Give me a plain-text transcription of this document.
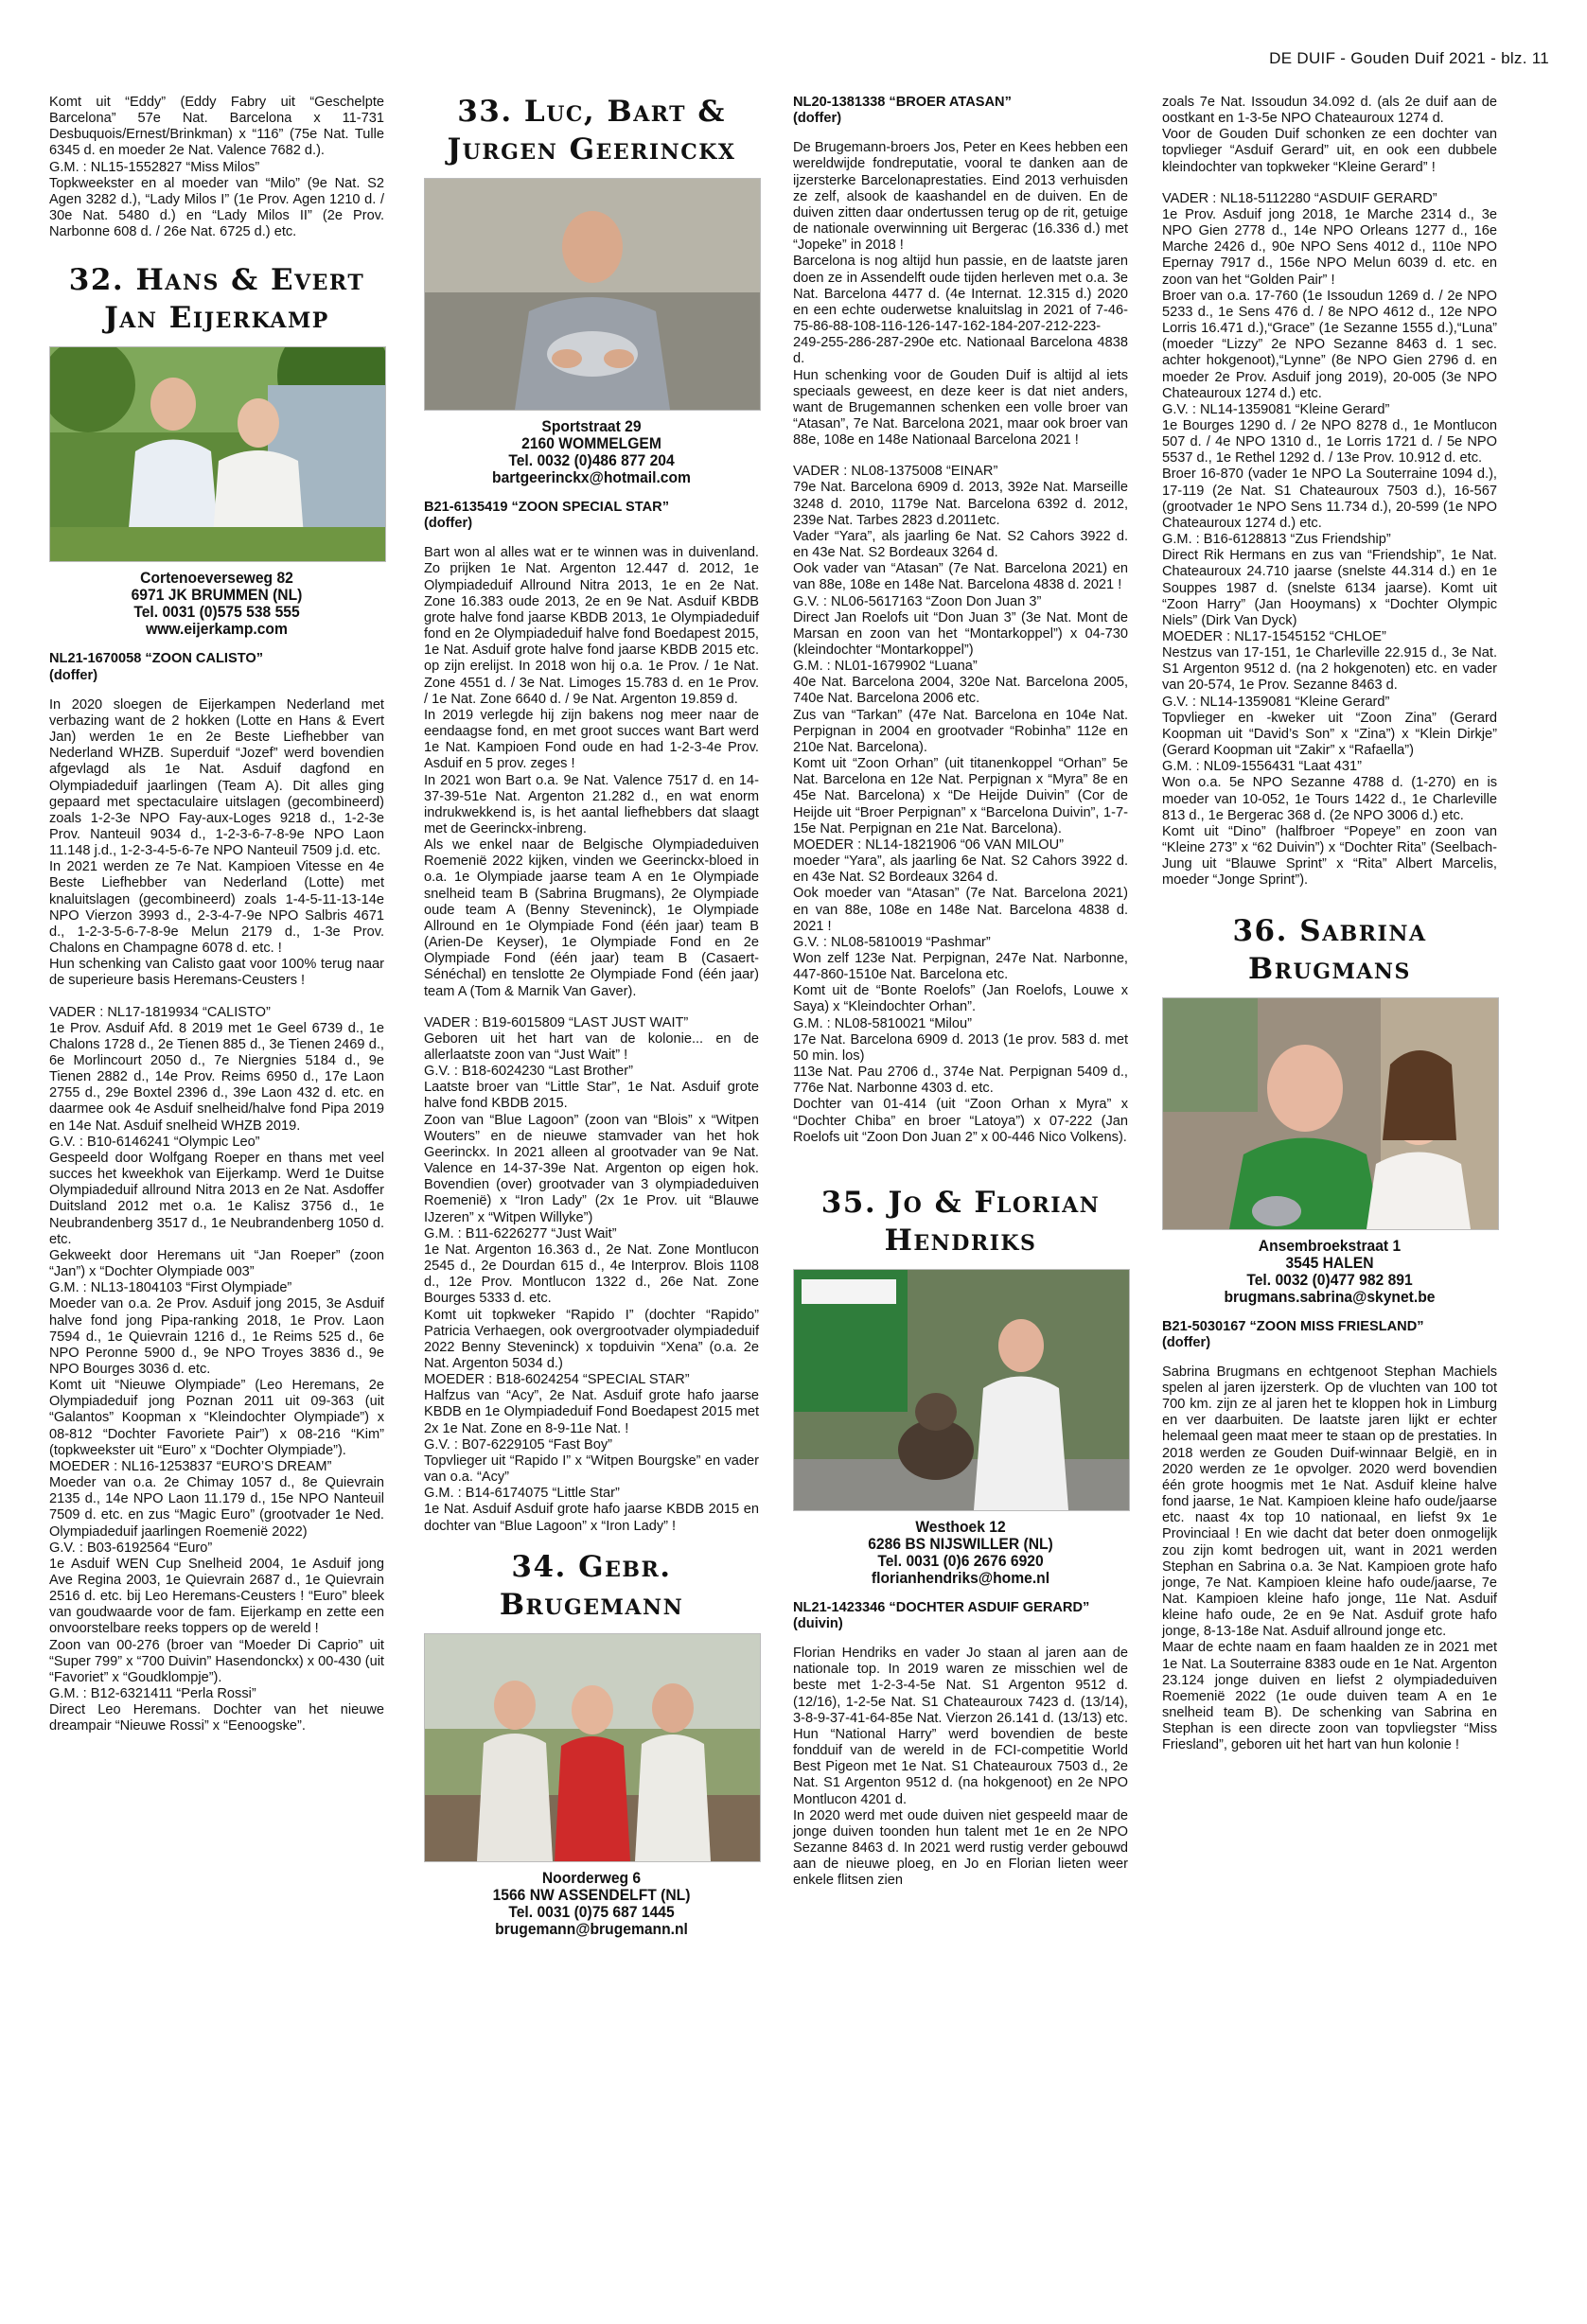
DE DUIF - Gouden Duif 2021 - blz. 11

Komt uit “Eddy” (Eddy Fabry uit “Geschelpte Barcelona” 57e Nat. Barcelona x 11-731 Desbuquois/Ernest/Brinkman) x “116” (75e Nat. Tulle 6345 d. en moeder 2e Nat. Valence 7682 d.).
G.M. : NL15-1552827 “Miss Milos”
Topkweekster en al moeder van “Milo” (9e Nat. S2 Agen 3282 d.), “Lady Milos I” (1e Prov. Agen 1210 d. / 30e Nat. 5480 d.) en “Lady Milos II” (2e Prov. Narbonne 608 d. / 26e Nat. 6725 d.) etc.

32. Hans & Evert Jan Eijerkamp
Cortenoeverseweg 82
6971 JK BRUMMEN (NL)
Tel. 0031 (0)575 538 555
www.eijerkamp.com
NL21-1670058 “ZOON CALISTO”
(doffer)

In 2020 sloegen de Eijerkampen Nederland met verbazing want de 2 hokken (Lotte en Hans & Evert Jan) werden 1e en 2e Beste Liefhebber van Nederland WHZB. Superduif “Jozef” werd bovendien afgevlagd als 1e Nat. Asduif dagfond en Olympiadeduif jaarlingen (Team A). Dit alles ging gepaard met spectaculaire uitslagen (gecombineerd) zoals 1-2-3e NPO Fay-aux-Loges 9218 d., 1-2-3e Prov. Nanteuil 9034 d., 1-2-3-6-7-8-9e NPO Laon 11.148 j.d., 1-2-3-4-5-6-7e NPO Nanteuil 7509 j.d. etc.
In 2021 werden ze 7e Nat. Kampioen Vitesse en 4e Beste Liefhebber van Nederland (Lotte) met knaluitslagen (gecombineerd) zoals 1-4-5-11-13-14e NPO Vierzon 3993 d., 2-3-4-7-9e NPO Salbris 4671 d., 1-2-3-5-6-7-8-9e Melun 2179 d., 1-3e Prov. Chalons en Champagne 6078 d. etc. !
Hun schenking van Calisto gaat voor 100% terug naar de superieure basis Heremans-Ceusters !

VADER : NL17-1819934 “CALISTO”
1e Prov. Asduif Afd. 8 2019 met 1e Geel 6739 d., 1e Chalons 1728 d., 2e Tienen 885 d., 3e Tienen 2469 d., 6e Morlincourt 2050 d., 7e Niergnies 5184 d., 9e Tienen 2882 d., 14e Prov. Reims 6950 d., 17e Laon 2755 d., 29e Boxtel 2396 d., 39e Laon 432 d. etc. en daarmee ook 4e Asduif snelheid/halve fond Pipa 2019 en 14e Nat. Asduif snelheid WHZB 2019.
G.V. : B10-6146241 “Olympic Leo”
Gespeeld door Wolfgang Roeper en thans met veel succes het kweekhok van Eijerkamp. Werd 1e Duitse Olympiadeduif allround Nitra 2013 en 2e Nat. Asdoffer Duitsland 2012 met o.a. 1e Kalisz 3756 d., 1e Neubrandenberg 3517 d., 1e Neubrandenberg 1050 d. etc.
Gekweekt door Heremans uit “Jan Roeper” (zoon “Jan”) x “Dochter Olympiade 003”
G.M. : NL13-1804103 “First Olympiade”
Moeder van o.a. 2e Prov. Asduif jong 2015, 3e Asduif halve fond jong Pipa-ranking 2018, 1e Prov. Laon 7594 d., 1e Quievrain 1216 d., 1e Reims 525 d., 6e NPO Peronne 5900 d., 9e NPO Troyes 3836 d., 9e NPO Bourges 3036 d. etc.
Komt uit “Nieuwe Olympiade” (Leo Heremans, 2e Olympiadeduif jong Poznan 2011 uit 09-363 (uit “Galantos” Koopman x “Kleindochter Olympiade”) x 08-812 “Dochter Favoriete Pair”) x 08-216 “Kim” (topkweekster uit “Euro” x “Dochter Olympiade”).
MOEDER : NL16-1253837 “EURO’S DREAM”
Moeder van o.a. 2e Chimay 1057 d., 8e Quievrain 2135 d., 14e NPO Laon 11.179 d., 15e NPO Nanteuil 7509 d. etc. en zus “Magic Euro” (grootvader 1e Ned. Olympiadeduif jaarlingen Roemenië 2022)
G.V. : B03-6192564 “Euro”
1e Asduif WEN Cup Snelheid 2004, 1e Asduif jong Ave Regina 2003, 1e Quievrain 2687 d., 1e Quievrain 2516 d. etc. bij Leo Heremans-Ceusters ! “Euro” bleek van goudwaarde voor de fam. Eijerkamp en zette een onvoorstelbare reeks toppers op de wereld !
Zoon van 00-276 (broer van “Moeder Di Caprio” uit “Super 799” x “700 Duivin” Hasendonckx) x 00-430 (uit “Favoriet” x “Goudklompje”).
G.M. : B12-6321411 “Perla Rossi”
Direct Leo Heremans. Dochter van het nieuwe dreampair “Nieuwe Rossi” x “Eenoogske”.

33. Luc, Bart & Jurgen Geerinckx
Sportstraat 29
2160 WOMMELGEM
Tel. 0032 (0)486 877 204
bartgeerinckx@hotmail.com
B21-6135419 “ZOON SPECIAL STAR”
(doffer)

Bart won al alles wat er te winnen was in duivenland. Zo prijken 1e Nat. Argenton 12.447 d. 2012, 1e Olympiadeduif Allround Nitra 2013, 1e en 2e Nat. Zone 16.383 oude 2013, 2e en 9e Nat. Asduif KBDB grote halve fond jaarse KBDB 2013, 1e Olympiadeduif fond en 2e Olympiadeduif halve fond Boedapest 2015, 1e Nat. Asduif grote halve fond jaarse KBDB 2015 etc. op zijn erelijst. In 2018 won hij o.a. 1e Prov. / 1e Nat. Zone 4551 d. / 3e Nat. Limoges 15.783 d. en 1e Prov. / 1e Nat. Zone 6640 d. / 9e Nat. Argenton 19.859 d.
In 2019 verlegde hij zijn bakens nog meer naar de eendaagse fond, en met groot succes want Bart werd 1e Nat. Kampioen Fond oude en had 1-2-3-4e Prov. Asduif en 5 prov. zeges !
In 2021 won Bart o.a. 9e Nat. Valence 7517 d. en 14-37-39-51e Nat. Argenton 21.282 d., en wat enorm indrukwekkend is, is het aantal liefhebbers dat slaagt met de Geerinckx-inbreng.
Als we enkel naar de Belgische Olympiadeduiven Roemenië 2022 kijken, vinden we Geerinckx-bloed in o.a. 1e Olympiade jaarse team A en 1e Olympiade snelheid team B (Sabrina Brugmans), 2e Olympiade oude team A (Benny Steveninck), 1e Olympiade Allround en 1e Olympiade Fond (één jaar) team B (Arien-De Keyser), 1e Olympiade Fond en 2e Olympiade Fond (één jaar) team B (Casaert-Sénéchal) en tenslotte 2e Olympiade Fond (één jaar) team A (Tom & Marnik Van Gaver).

VADER : B19-6015809 “LAST JUST WAIT”
Geboren uit het hart van de kolonie... en de allerlaatste zoon van “Just Wait” !
G.V. : B18-6024230 “Last Brother”
Laatste broer van “Little Star”, 1e Nat. Asduif grote halve fond KBDB 2015.
Zoon van “Blue Lagoon” (zoon van “Blois” x “Witpen Wouters” en de nieuwe stamvader van het hok Geerinckx. In 2021 alleen al grootvader van 9e Nat. Valence en 14-37-39e Nat. Argenton op eigen hok. Bovendien (over) grootvader van 3 olympiadeduiven Roemenië) x “Iron Lady” (2x 1e Prov. uit “Blauwe IJzeren” x “Witpen Willyke”)
G.M. : B11-6226277 “Just Wait”
1e Nat. Argenton 16.363 d., 2e Nat. Zone Montlucon 2545 d., 2e Dourdan 615 d., 4e Interprov. Blois 1108 d., 12e Prov. Montlucon 1322 d., 26e Nat. Zone Bourges 5333 d. etc.
Komt uit topkweker “Rapido I” (dochter “Rapido” Patricia Verhaegen, ook overgrootvader olympiadeduif 2022 Benny Steveninck) x topduivin “Xena” (o.a. 2e Nat. Argenton 5034 d.)
MOEDER : B18-6024254 “SPECIAL STAR”
Halfzus van “Acy”, 2e Nat. Asduif grote hafo jaarse KBDB en 1e Olympiadeduif Fond Boedapest 2015 met 2x 1e Nat. Zone en 8-9-11e Nat. !
G.V. : B07-6229105 “Fast Boy”
Topvlieger uit “Rapido I” x “Witpen Bourgske” en vader van o.a. “Acy”
G.M. : B14-6174075 “Little Star”
1e Nat. Asduif Asduif grote hafo jaarse KBDB 2015 en dochter van “Blue Lagoon” x “Iron Lady” !

34. Gebr. Brugemann
Noorderweg 6
1566 NW ASSENDELFT (NL)
Tel. 0031 (0)75 687 1445
brugemann@brugemann.nl
NL20-1381338 “BROER ATASAN”
(doffer)

De Brugemann-broers Jos, Peter en Kees hebben een wereldwijde fondreputatie, vooral te danken aan de ijzersterke Barcelonaprestaties. Eind 2013 verhuisden ze zelf, alsook de kaashandel en de duiven. En de duiven zitten daar ondertussen terug op de rit, getuige de nationale overwinning uit Bergerac (16.336 d.) met “Jopeke” in 2018 !
Barcelona is nog altijd hun passie, en de laatste jaren doen ze in Assendelft oude tijden herleven met o.a. 3e Nat. Barcelona 4477 d. (4e Internat. 12.315 d.) 2020 en een echte ouderwetse knaluitslag in 2021 of 7-46-75-86-88-108-116-126-147-162-184-207-212-223-249-255-286-287-290e etc. Nationaal Barcelona 4838 d.
Hun schenking voor de Gouden Duif is altijd al iets speciaals geweest, en deze keer is dat niet anders, want de Brugemannen schenken een volle broer van “Atasan”, 7e Nat. Barcelona 2021, maar ook broer van 88e, 108e en 148e Nationaal Barcelona 2021 !

VADER : NL08-1375008 “EINAR”
79e Nat. Barcelona 6909 d. 2013, 392e Nat. Marseille 3248 d. 2010, 1179e Nat. Barcelona 6392 d. 2012, 239e Nat. Tarbes 2823 d.2011etc.
Vader “Yara”, als jaarling 6e Nat. S2 Cahors 3922 d. en 43e Nat. S2 Bordeaux 3264 d.
Ook vader van “Atasan” (7e Nat. Barcelona 2021) en van 88e, 108e en 148e Nat. Barcelona 4838 d. 2021 !
G.V. : NL06-5617163 “Zoon Don Juan 3”
Direct Jan Roelofs uit “Don Juan 3” (3e Nat. Mont de Marsan en zoon van het “Montarkoppel”) x 04-730 (kleindochter “Montarkoppel”)
G.M. : NL01-1679902 “Luana”
40e Nat. Barcelona 2004, 320e Nat. Barcelona 2005, 740e Nat. Barcelona 2006 etc.
Zus van “Tarkan” (47e Nat. Barcelona en 104e Nat. Perpignan in 2004 en grootvader “Robinha” 112e en 210e Nat. Barcelona).
Komt uit “Zoon Orhan” (uit titanenkoppel “Orhan” 5e Nat. Barcelona en 12e Nat. Perpignan x “Myra” 8e en 45e Nat. Barcelona) x “De Heijde Duivin” (Cor de Heijde uit “Broer Perpignan” x “Barcelona Duivin”, 1-7-15e Nat. Perpignan en 21e Nat. Barcelona).
MOEDER : NL14-1821906 “06 VAN MILOU”
moeder “Yara”, als jaarling 6e Nat. S2 Cahors 3922 d. en 43e Nat. S2 Bordeaux 3264 d.
Ook moeder van “Atasan” (7e Nat. Barcelona 2021) en van 88e, 108e en 148e Nat. Barcelona 4838 d. 2021 !
G.V. : NL08-5810019 “Pashmar”
Won zelf 123e Nat. Perpignan, 247e Nat. Narbonne, 447-860-1510e Nat. Barcelona etc.
Komt uit de “Bonte Roelofs” (Jan Roelofs, Louwe x Saya) x “Kleindochter Orhan”.
G.M. : NL08-5810021 “Milou”
17e Nat. Barcelona 6909 d. 2013 (1e prov. 583 d. met 50 min. los)
113e Nat. Pau 2706 d., 374e Nat. Perpignan 5409 d., 776e Nat. Narbonne 4303 d. etc.
Dochter van 01-414 (uit “Zoon Orhan x Myra” x “Dochter Chiba” en broer “Latoya”) x 07-222 (Jan Roelofs uit “Zoon Don Juan 2” x 00-446 Nico Volkens).

35. Jo & Florian Hendriks
Westhoek 12
6286 BS NIJSWILLER (NL)
Tel. 0031 (0)6 2676 6920
florianhendriks@home.nl
NL21-1423346 “DOCHTER ASDUIF GERARD”
(duivin)

Florian Hendriks en vader Jo staan al jaren aan de nationale top. In 2019 waren ze misschien wel de beste met 1-2-3-4-5e Nat. S1 Argenton 9512 d. (12/16), 1-2-5e Nat. S1 Chateauroux 7423 d. (13/14), 3-8-9-37-41-64-85e Nat. Vierzon 26.141 d. (13/13) etc. Hun “National Harry” werd bovendien de beste fondduif van de wereld in de FCI-competitie World Best Pigeon met 1e Nat. S1 Chateauroux 7503 d., 2e Nat. S1 Argenton 9512 d. (na hokgenoot) en 2e NPO Montlucon 4201 d.
In 2020 werd met oude duiven niet gespeeld maar de jonge duiven toonden hun talent met 1e en 2e NPO Sezanne 8463 d. In 2021 werd rustig verder gebouwd aan de nieuwe ploeg, en Jo en Florian lieten weer enkele flitsen zien

zoals 7e Nat. Issoudun 34.092 d. (als 2e duif aan de oostkant en 1-3-5e NPO Chateauroux 1274 d.
Voor de Gouden Duif schonken ze een dochter van topvlieger “Asduif Gerard” uit, en ook een dubbele kleindochter van topkweker “Kleine Gerard” !

VADER : NL18-5112280 “ASDUIF GERARD”
1e Prov. Asduif jong 2018, 1e Marche 2314 d., 3e NPO Gien 2778 d., 14e NPO Orleans 1277 d., 16e Marche 2426 d., 90e NPO Sens 4012 d., 110e NPO Epernay 7917 d., 156e NPO Melun 6039 d. etc. en zoon van het “Golden Pair” !
Broer van o.a. 17-760 (1e Issoudun 1269 d. / 2e NPO 5233 d., 1e Sens 476 d. / 8e NPO 4612 d., 12e NPO Lorris 16.471 d.),“Grace” (1e Sezanne 1555 d.),“Luna” (moeder “Lizzy” 2e NPO Sezanne 8463 d. 1 sec. achter hokgenoot),“Lynne” (8e NPO Gien 2796 d. en moeder 2e Prov. Asduif jong 2019), 20-005 (3e NPO Chateauroux 1274 d.) etc.
G.V. : NL14-1359081 “Kleine Gerard”
1e Bourges 1290 d. / 2e NPO 8278 d., 1e Montlucon 507 d. / 4e NPO 1310 d., 1e Lorris 1721 d. / 5e NPO 5537 d., 1e Rethel 1292 d. / 13e Prov. 10.912 d. etc.
Broer 16-870 (vader 1e NPO La Souterraine 1094 d.), 17-119 (2e Nat. S1 Chateauroux 7503 d.), 16-567 (grootvader 1e NPO Sens 11.734 d.), 20-599 (1e NPO Chateauroux 1274 d.) etc.
G.M. : B16-6128813 “Zus Friendship”
Direct Rik Hermans en zus van “Friendship”, 1e Nat. Chateauroux 24.710 jaarse (snelste 44.314 d.) en 1e Souppes 1987 d. (snelste 6134 jaarse). Komt uit “Zoon Harry” (Jan Hooymans) x “Dochter Olympic Niels” (Dirk Van Dyck)
MOEDER : NL17-1545152 “CHLOE”
Nestzus van 17-151, 1e Charleville 22.915 d., 3e Nat. S1 Argenton 9512 d. (na 2 hokgenoten) etc. en vader van 20-574, 1e Prov. Sezanne 8463 d.
G.V. : NL14-1359081 “Kleine Gerard”
Topvlieger en -kweker uit “Zoon Zina” (Gerard Koopman uit “David’s Son” x “Zina”) x “Klein Dirkje” (Gerard Koopman uit “Zakir” x “Rafaella”)
G.M. : NL09-1556431 “Laat 431”
Won o.a. 5e NPO Sezanne 4788 d. (1-270) en is moeder van 10-052, 1e Tours 1422 d., 1e Charleville 813 d., 1e Bergerac 368 d. (2e NPO 3006 d.) etc.
Komt uit “Dino” (halfbroer “Popeye” en zoon van “Kleine 273” x “62 Duivin”) x “Dochter Rita” (Seelbach-Jung uit “Blauwe Sprint” x “Rita” Albert Marcelis, moeder “Jonge Sprint”).

36. Sabrina Brugmans
Ansembroekstraat 1
3545 HALEN
Tel. 0032 (0)477 982 891
brugmans.sabrina@skynet.be
B21-5030167 “ZOON MISS FRIESLAND”
(doffer)

Sabrina Brugmans en echtgenoot Stephan Machiels spelen al jaren ijzersterk. Op de vluchten van 100 tot 700 km. zijn ze al jaren het te kloppen hok in Limburg en ver daarbuiten. De laatste jaren lijkt er echter helemaal geen maat meer te staan op de prestaties. In 2018 werden ze Gouden Duif-winnaar België, en in 2020 werden ze 1e opvolger. 2020 werd bovendien één grote hoogmis met 1e Nat. Asduif kleine halve fond jaarse, 1e Nat. Kampioen kleine hafo oude/jaarse etc. naast 4x top 10 nationaal, en liefst 9x 1e Provinciaal ! En wie dacht dat beter doen onmogelijk zou zijn komt bedrogen uit, want in 2021 werden Stephan en Sabrina o.a. 3e Nat. Kampioen grote hafo jonge, 7e Nat. Kampioen kleine hafo oude/jaarse, 7e Nat. Kampioen kleine hafo jonge, 11e Nat. Asduif kleine hafo oude, 2e en 9e Nat. Asduif grote hafo jonge, 8-13-18e Nat. Asduif allround jonge etc.
Maar de echte naam en faam haalden ze in 2021 met 1e Nat. La Souterraine 8383 oude en 1e Nat. Argenton 23.124 jonge duiven en liefst 2 olympiadeduiven Roemenië 2022 (1e oude duiven team A en 1e snelheid team B). De schenking van Sabrina en Stephan is een directe zoon van topvliegster “Miss Friesland”, geboren uit het hart van hun kolonie !
